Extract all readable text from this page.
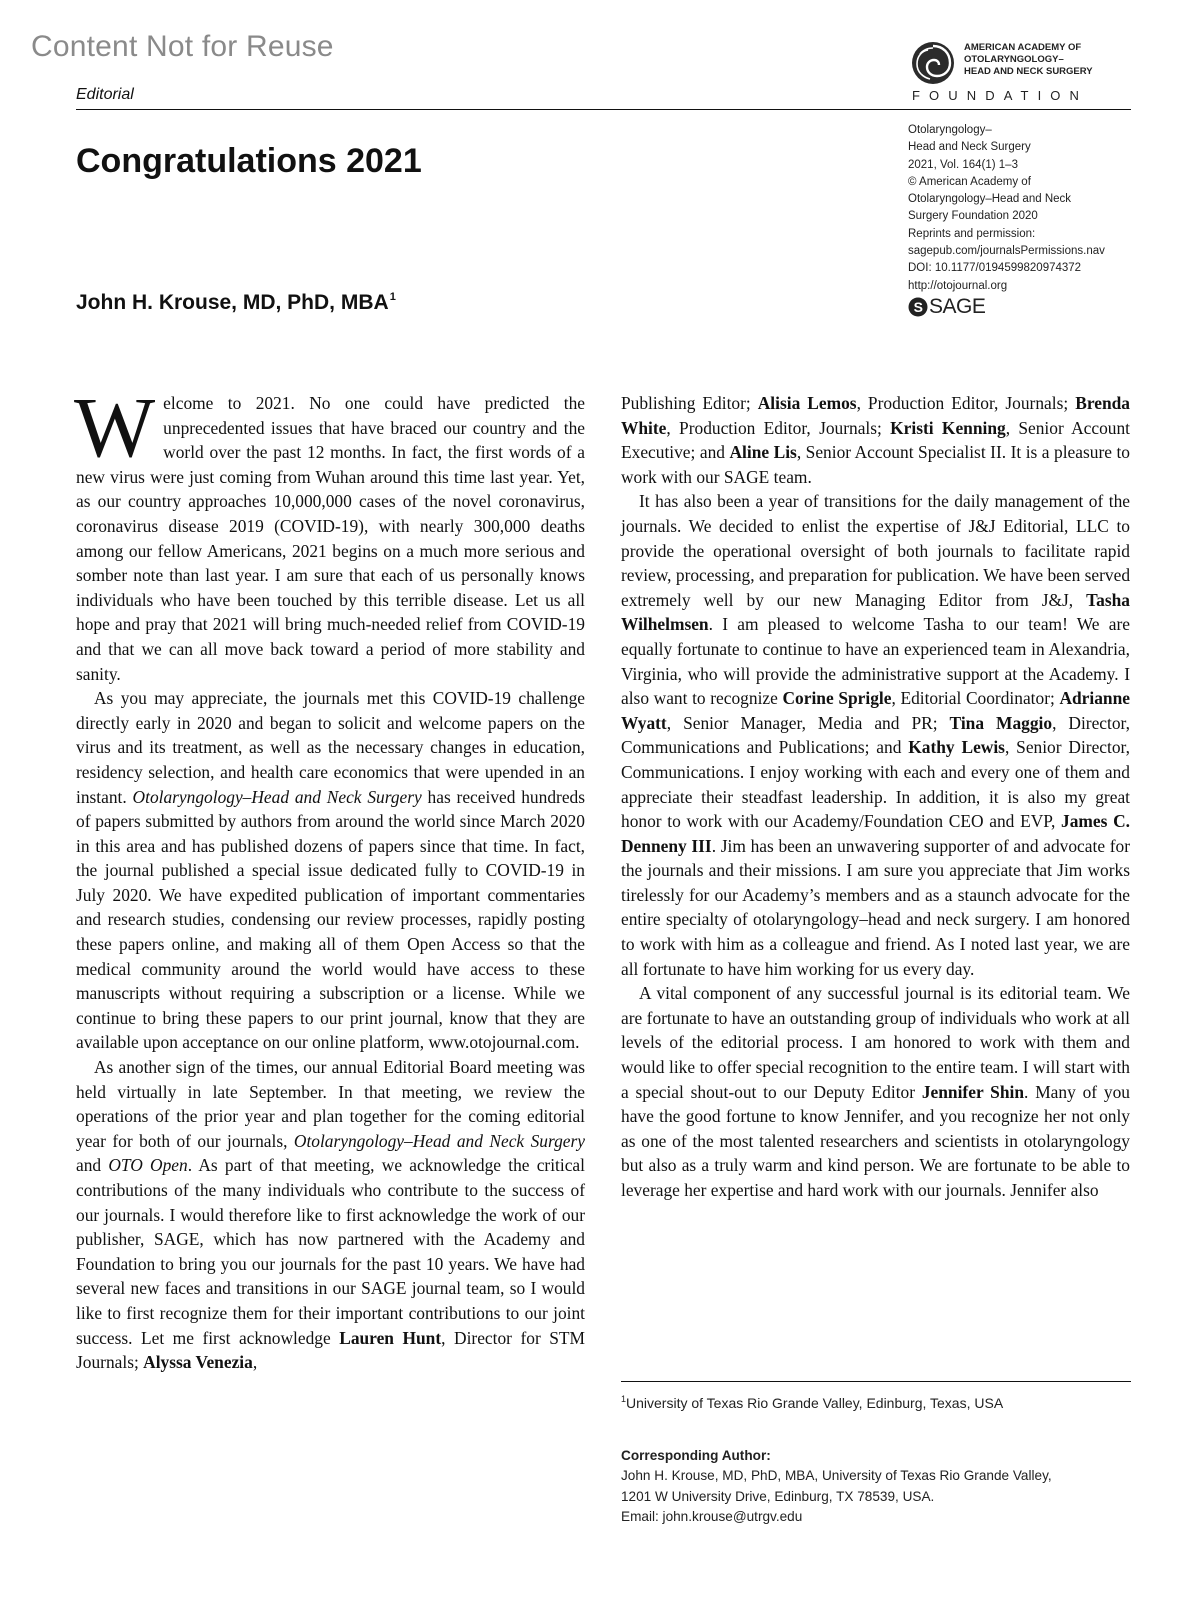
Content Not for Reuse
Editorial
AMERICAN ACADEMY OF
OTOLARYNGOLOGY–
HEAD AND NECK SURGERY
FOUNDATION
Congratulations 2021
John H. Krouse, MD, PhD, MBA$^1$
Otolaryngology–
Head and Neck Surgery
2021, Vol. 164(1) 1–3
© American Academy of
Otolaryngology–Head and Neck
Surgery Foundation 2020
Reprints and permission:
sagepub.com/journalsPermissions.nav
DOI: 10.1177/0194599820974372
http://otojournal.org
S SAGE

Welcome to 2021. No one could have predicted the unprecedented issues that have braced our country and the world over the past 12 months. In fact, the first words of a new virus were just coming from Wuhan around this time last year. Yet, as our country approaches 10,000,000 cases of the novel coronavirus, coronavirus disease 2019 (COVID-19), with nearly 300,000 deaths among our fellow Americans, 2021 begins on a much more serious and somber note than last year. I am sure that each of us personally knows individuals who have been touched by this terrible disease. Let us all hope and pray that 2021 will bring much-needed relief from COVID-19 and that we can all move back toward a period of more stability and sanity.

As you may appreciate, the journals met this COVID-19 challenge directly early in 2020 and began to solicit and welcome papers on the virus and its treatment, as well as the necessary changes in education, residency selection, and health care economics that were upended in an instant. Otolaryngology–Head and Neck Surgery has received hundreds of papers submitted by authors from around the world since March 2020 in this area and has published dozens of papers since that time. In fact, the journal published a special issue dedicated fully to COVID-19 in July 2020. We have expedited publication of important commentaries and research studies, condensing our review processes, rapidly posting these papers online, and making all of them Open Access so that the medical community around the world would have access to these manuscripts without requiring a subscription or a license. While we continue to bring these papers to our print journal, know that they are available upon acceptance on our online platform, www.otojournal.com.

As another sign of the times, our annual Editorial Board meeting was held virtually in late September. In that meeting, we review the operations of the prior year and plan together for the coming editorial year for both of our journals, Otolaryngology–Head and Neck Surgery and OTO Open. As part of that meeting, we acknowledge the critical contributions of the many individuals who contribute to the success of our journals. I would therefore like to first acknowledge the work of our publisher, SAGE, which has now partnered with the Academy and Foundation to bring you our journals for the past 10 years. We have had several new faces and transitions in our SAGE journal team, so I would like to first recognize them for their important contributions to our joint success. Let me first acknowledge Lauren Hunt, Director for STM Journals; Alyssa Venezia,

Publishing Editor; Alisia Lemos, Production Editor, Journals; Brenda White, Production Editor, Journals; Kristi Kenning, Senior Account Executive; and Aline Lis, Senior Account Specialist II. It is a pleasure to work with our SAGE team.

It has also been a year of transitions for the daily management of the journals. We decided to enlist the expertise of J&J Editorial, LLC to provide the operational oversight of both journals to facilitate rapid review, processing, and preparation for publication. We have been served extremely well by our new Managing Editor from J&J, Tasha Wilhelmsen. I am pleased to welcome Tasha to our team! We are equally fortunate to continue to have an experienced team in Alexandria, Virginia, who will provide the administrative support at the Academy. I also want to recognize Corine Sprigle, Editorial Coordinator; Adrianne Wyatt, Senior Manager, Media and PR; Tina Maggio, Director, Communications and Publications; and Kathy Lewis, Senior Director, Communications. I enjoy working with each and every one of them and appreciate their steadfast leadership. In addition, it is also my great honor to work with our Academy/Foundation CEO and EVP, James C. Denneny III. Jim has been an unwavering supporter of and advocate for the journals and their missions. I am sure you appreciate that Jim works tirelessly for our Academy’s members and as a staunch advocate for the entire specialty of otolaryngology–head and neck surgery. I am honored to work with him as a colleague and friend. As I noted last year, we are all fortunate to have him working for us every day.

A vital component of any successful journal is its editorial team. We are fortunate to have an outstanding group of individuals who work at all levels of the editorial process. I am honored to work with them and would like to offer special recognition to the entire team. I will start with a special shout-out to our Deputy Editor Jennifer Shin. Many of you have the good fortune to know Jennifer, and you recognize her not only as one of the most talented researchers and scientists in otolaryngology but also as a truly warm and kind person. We are fortunate to be able to leverage her expertise and hard work with our journals. Jennifer also

$^1$University of Texas Rio Grande Valley, Edinburg, Texas, USA
Corresponding Author:
John H. Krouse, MD, PhD, MBA, University of Texas Rio Grande Valley,
1201 W University Drive, Edinburg, TX 78539, USA.
Email: john.krouse@utrgv.edu
